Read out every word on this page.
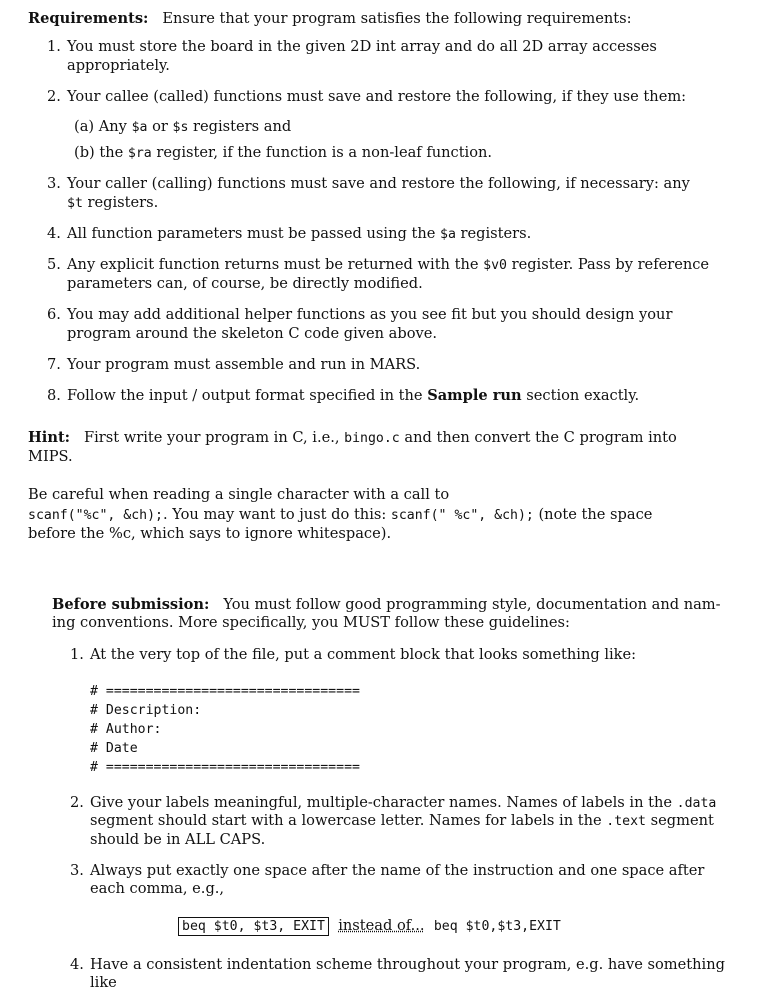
Requirements: Ensure that your program satisfies the following requirements:
1. You must store the board in the given 2D int array and do all 2D array accesses
appropriately.
2. Your callee (called) functions must save and restore the following, if they use them:
(a) Any $a or $s registers and
(b) the $ra register, if the function is a non-leaf function.
3. Your caller (calling) functions must save and restore the following, if necessary: any
$t registers.
4. All function parameters must be passed using the $a registers.
5. Any explicit function returns must be returned with the $v0 register. Pass by reference
parameters can, of course, be directly modified.
6. You may add additional helper functions as you see fit but you should design your
program around the skeleton C code given above.
7. Your program must assemble and run in MARS.
8. Follow the input / output format specified in the Sample run section exactly.
Hint: First write your program in C, i.e., bingo.c and then convert the C program into
MIPS.
Be careful when reading a single character with a call to
scanf("%c", &ch);. You may want to just do this: scanf(" %c", &ch); (note the space
before the %c, which says to ignore whitespace).
Before submission: You must follow good programming style, documentation and nam-
ing conventions. More specifically, you MUST follow these guidelines:
1. At the very top of the file, put a comment block that looks something like:
# ================================
# Description:
# Author:
# Date
# ================================
2. Give your labels meaningful, multiple-character names. Names of labels in the .data
segment should start with a lowercase letter. Names for labels in the .text segment
should be in ALL CAPS.
3. Always put exactly one space after the name of the instruction and one space after
each comma, e.g.,
beq $t0, $t3, EXIT instead of... beq $t0,$t3,EXIT
4. Have a consistent indentation scheme throughout your program, e.g. have something
like
